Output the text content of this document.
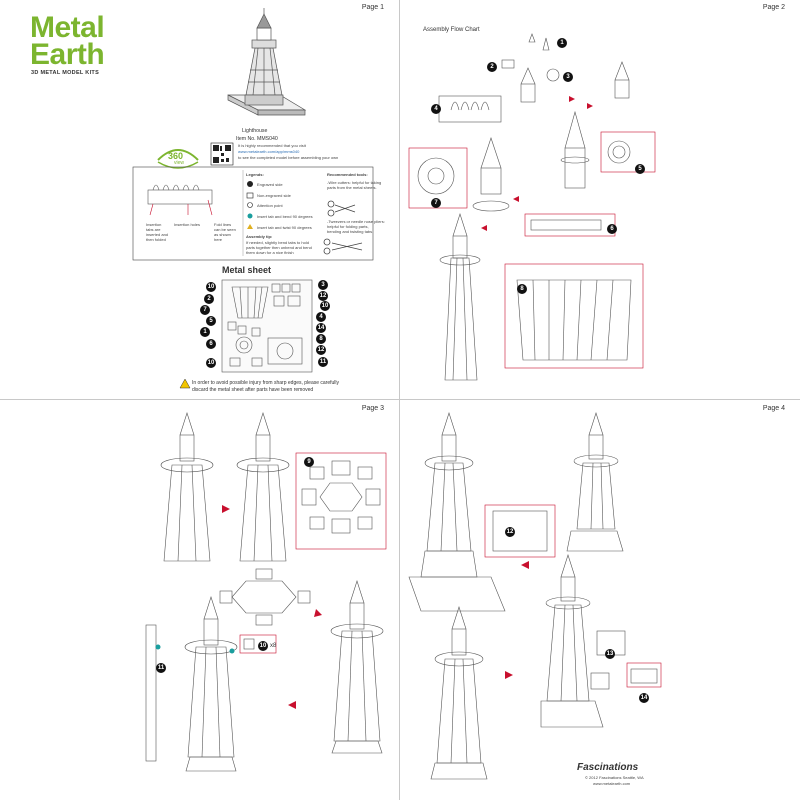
Page 1
Metal
Earth
3D METAL MODEL KITS
Lighthouse
Item No. MMS040
360
view
It is highly recommended that you visit
www.metalearth.com/app/mms040
to see the completed model before assembling your own
Legends:
Engraved side
Non-engraved side
Attention point
Insert tab and bend 90 degrees
Insert tab and twist 90 degrees
Assembly tip:
If needed, slightly bend tabs to hold
parts together then unbend and bend
them down for a nice finish
Recommended tools:
-Wire cutters: helpful for taking
parts from the metal sheets.
-Tweezers or needle nose pliers:
helpful for folding parts,
bending and twisting tabs.
Insertion tabs are inserted and then folded
Insertion holes	Fold lines can be seen as shown here
Metal sheet
10
2
7
5
1
6
10
3
12
10
4
14
8
12
11
In order to avoid possible injury from sharp edges, please carefully
discard the metal sheet after parts have been removed
Page 2
Assembly Flow Chart
1
2
3
4
5
6
7
8
Page 3
9
10 x8
11
Page 4
12
13
14
Fascinations
© 2012 Fascinations Seattle, WA
www.metalearth.com
